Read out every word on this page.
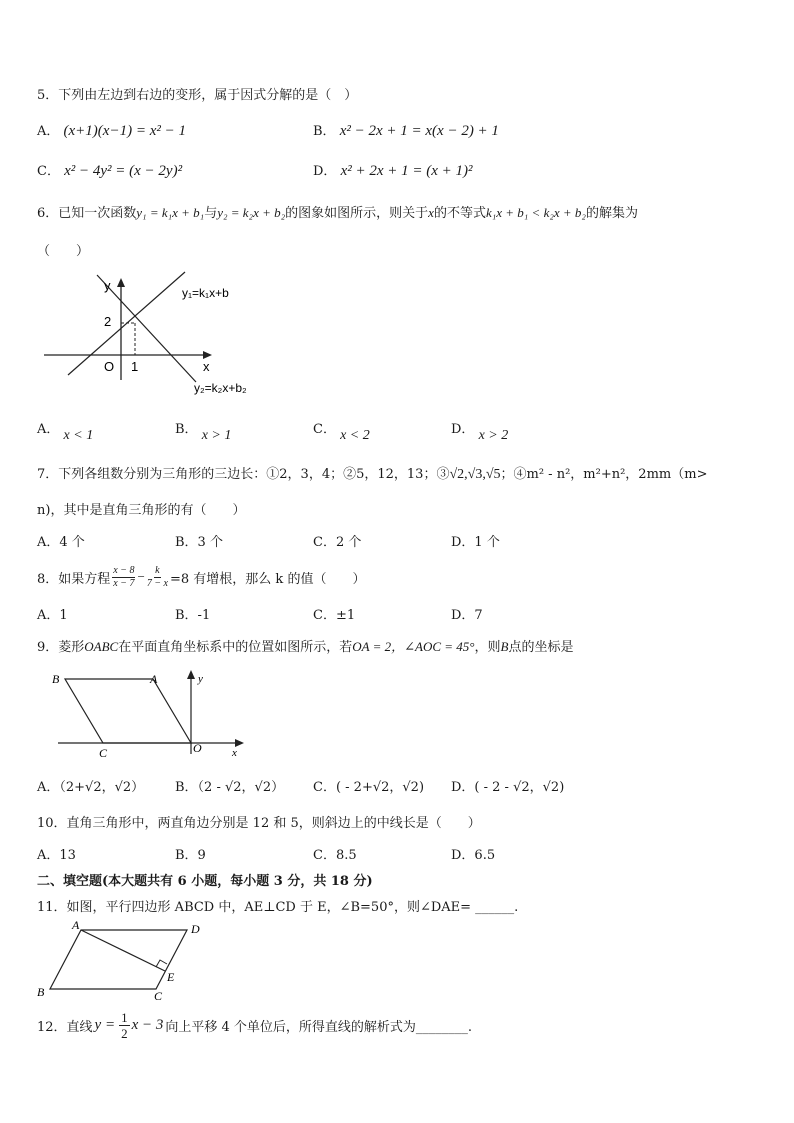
5．下列由左边到右边的变形，属于因式分解的是（　）
A． (x+1)(x−1) = x² − 1	B． x² − 2x + 1 = x(x − 2) + 1
C． x² − 4y² = (x − 2y)²	D． x² + 2x + 1 = (x + 1)²
6．已知一次函数y₁ = k₁x + b₁与y₂ = k₂x + b₂的图象如图所示，则关于x的不等式k₁x + b₁ < k₂x + b₂的解集为
（　　）
y
x
O
2
1
y₁=k₁x+b
y₂=k₂x+b₂
A． x < 1	B． x > 1	C． x < 2	D． x > 2
7．下列各组数分别为三角形的三边长：①2，3，4；②5，12，13；③√2,√3,√5；④m² - n²，m²+n²，2mm（m>
n)，其中是直角三角形的有（　　）
A．4 个	B．3 个	C．2 个	D．1 个
8．如果方程 $\frac{x - 8}{x - 7} - \frac{k}{7 - x} =8$ 有增根，那么 k 的值（　　）
A．1	B．-1	C．±1	D．7
9．菱形OABC在平面直角坐标系中的位置如图所示，若OA = 2，∠AOC = 45°，则B点的坐标是
B	A
C	O	x
y
A．（2+√2，√2） B．（2 - √2，√2） C．( - 2+√2，√2) D．( - 2 - √2，√2)
10．直角三角形中，两直角边分别是 12 和 5，则斜边上的中线长是（　　）
A．13	B．9	C．8.5	D．6.5
二、填空题(本大题共有 6 小题，每小题 3 分，共 18 分)
11．如图，平行四边形 ABCD 中，AE⊥CD 于 E，∠B=50°，则∠DAE= ______.
A	D
B	C
E
12．直线 $y = \frac{1}{2}$ x − 3 向上平移 4 个单位后，所得直线的解析式为________.
